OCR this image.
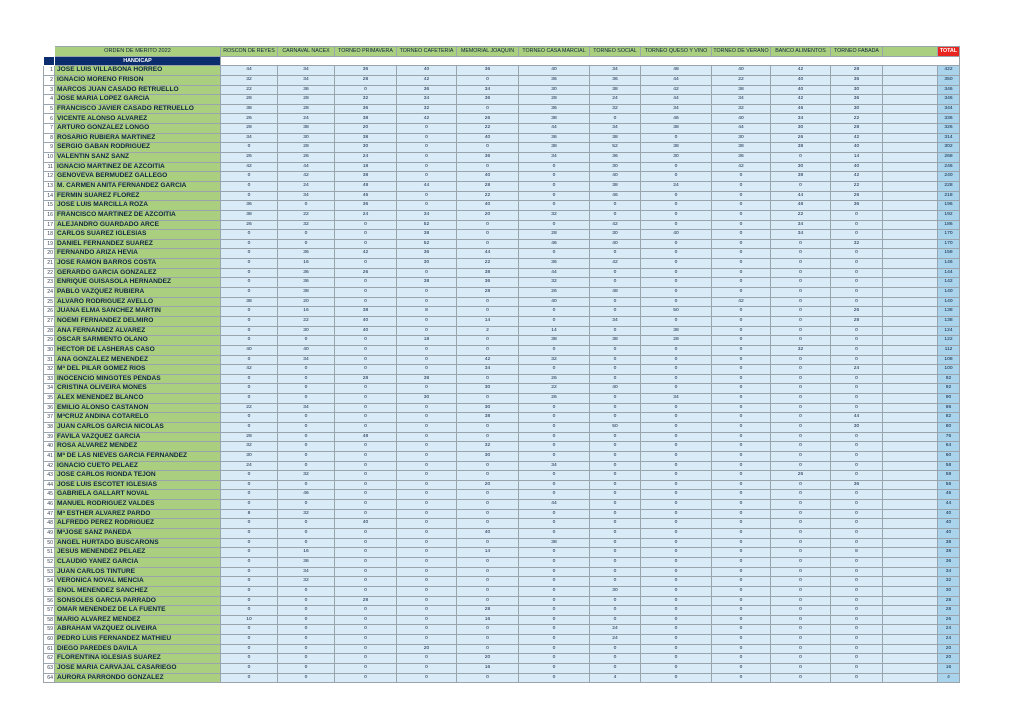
	ORDEN DE MERITO 2022	ROSCON DE REYES	CARNAVAL NACEX	TORNEO PRIMAVERA	TORNEO CAFETERIA	MEMORIAL JOAQUIN	TORNEO CASA MARCIAL	TORNEO SOCIAL	TORNEO QUESO Y VINO	TORNEO DE VERANO	BANCO ALIMENTOS	TORNEO FABADA		TOTAL
	HANDICAP													
1	JOSE LUIS VILLABONA HORREO	44	34	36	40	36	40	34	48	40	42	28		422
2	IGNACIO MORENO FRISON	32	34	28	42	0	36	36	44	22	40	36		350
3	MARCOS JUAN CASADO RETRUELLO	22	36	0	36	34	30	38	42	38	40	30		346
4	JOSE MARIA LOPEZ GARCIA	28	28	32	34	36	28	24	44	34	42	36		346
5	FRANCISCO JAVIER CASADO RETRUELLO	38	28	36	32	0	36	32	34	32	46	30		344
6	VICENTE ALONSO ALVAREZ	26	24	38	42	26	38	0	46	40	34	22		336
7	ARTURO GONZALEZ LONGO	28	38	20	0	22	44	34	38	44	30	28		326
8	ROSARIO RUBIERA MARTINEZ	34	30	38	0	40	36	38	0	30	26	42		314
9	SERGIO GABAN RODRIGUEZ	0	28	30	0	0	38	52	38	38	38	40		302
10	VALENTIN SANZ SANZ	26	26	24	0	36	34	36	30	36	0	14		268
11	IGNACIO MARTINEZ DE AZCOITIA	42	44	18	0	0	0	30	0	42	30	40		246
12	GENOVEVA BERMUDEZ GALLEGO	0	42	38	0	40	0	40	0	0	38	42		240
13	M. CARMEN ANITA FERNANDEZ GARCIA	0	24	48	44	28	0	38	24	0	0	22		228
14	FERMIN SUAREZ FLOREZ	0	34	46	0	22	0	46	0	0	44	26		218
15	JOSE LUIS MARCILLA ROZA	36	0	36	0	40	0	0	0	0	48	36		196
16	FRANCISCO MARTINEZ DE AZCOITIA	38	22	24	34	20	32	0	0	0	22	0		192
17	ALEJANDRO GUARDADO ARCE	26	32	0	52	0	0	42	0	0	34	0		186
18	CARLOS SUAREZ IGLESIAS	0	0	0	38	0	28	30	40	0	34	0		170
19	DANIEL FERNANDEZ SUAREZ	0	0	0	52	0	46	40	0	0	0	32		170
20	FERNANDO ARIZA HEVIA	0	36	42	36	44	0	0	0	0	0	0		158
21	JOSE RAMON BARROS COSTA	0	16	0	30	22	36	42	0	0	0	0		146
22	GERARDO GARCIA GONZALEZ	0	36	26	0	38	44	0	0	0	0	0		144
23	ENRIQUE GUISASOLA HERNANDEZ	0	36	0	38	36	32	0	0	0	0	0		142
24	PABLO VAZQUEZ RUBIERA	0	38	0	0	28	26	48	0	0	0	0		140
25	ALVARO RODRIGUEZ AVELLO	38	20	0	0	0	40	0	0	42	0	0		140
26	JUANA ELMA SANCHEZ MARTIN	0	16	38	8	0	0	0	50	0	0	26		138
27	NOEMI FERNANDEZ DELMIRO	0	22	40	0	14	0	34	0	0	0	28		138
28	ANA FERNANDEZ ALVAREZ	0	30	40	0	2	14	0	38	0	0	0		124
29	OSCAR SARMIENTO OLANO	0	0	0	18	0	38	38	28	0	0	0		122
30	HECTOR DE LASHERAS CASO	40	40	0	0	0	0	0	0	0	32	0		112
31	ANA GONZALEZ MENENDEZ	0	34	0	0	42	32	0	0	0	0	0		108
32	Mª DEL PILAR GOMEZ RIOS	42	0	0	0	34	0	0	0	0	0	24		100
33	INOCENCIO MINGOTES PENDAS	0	0	28	38	0	26	0	0	0	0	0		92
34	CRISTINA OLIVEIRA MONES	0	0	0	0	30	22	40	0	0	0	0		92
35	ALEX MENENDEZ BLANCO	0	0	0	30	0	26	0	34	0	0	0		90
36	EMILIO ALONSO CASTAÑON	22	34	0	0	30	0	0	0	0	0	0		86
37	MªCRUZ ANDINA COTARELO	0	0	0	0	38	0	0	0	0	0	44		82
38	JUAN CARLOS GARCIA NICOLAS	0	0	0	0	0	0	50	0	0	0	30		80
39	FAVILA VAZQUEZ GARCIA	28	0	48	0	0	0	0	0	0	0	0		76
40	ROSA ALVAREZ MENDEZ	32	0	0	0	32	0	0	0	0	0	0		64
41	Mª DE LAS NIEVES GARCIA FERNANDEZ	30	0	0	0	30	0	0	0	0	0	0		60
42	IGNACIO CUETO PELAEZ	24	0	0	0	0	34	0	0	0	0	0		58
43	JOSE CARLOS RIONDA TEJON	0	32	0	0	0	0	0	0	0	26	0		58
44	JOSE LUIS ESCOTET IGLESIAS	0	0	0	0	20	0	0	0	0	0	36		56
45	GABRIELA GALLART NOVAL	0	46	0	0	0	0	0	0	0	0	0		46
46	MANUEL RODRIGUEZ VALDES	0	0	0	0	0	44	0	0	0	0	0		44
47	Mª ESTHER ALVAREZ PARDO	8	32	0	0	0	0	0	0	0	0	0		40
48	ALFREDO PEREZ RODRIGUEZ	0	0	40	0	0	0	0	0	0	0	0		40
49	MªJOSE SANZ PAÑEDA	0	0	0	0	40	0	0	0	0	0	0		40
50	ANGEL HURTADO BUSCARONS	0	0	0	0	0	38	0	0	0	0	0		38
51	JESUS MENENDEZ PELAEZ	0	16	0	0	14	0	0	0	0	0	8		38
52	CLAUDIO YAÑEZ GARCIA	0	36	0	0	0	0	0	0	0	0	0		36
53	JUAN CARLOS TINTURE	0	34	0	0	0	0	0	0	0	0	0		34
54	VERONICA NOVAL MENCIA	0	32	0	0	0	0	0	0	0	0	0		32
55	ENOL MENENDEZ SANCHEZ	0	0	0	0	0	0	30	0	0	0	0		30
56	SONSOLES GARCIA PARRADO	0	0	28	0	0	0	0	0	0	0	0		28
57	OMAR MENENDEZ DE LA FUENTE	0	0	0	0	28	0	0	0	0	0	0		28
58	MARIO ALVAREZ MENDEZ	10	0	0	0	16	0	0	0	0	0	0		26
59	ABRAHAM VAZQUEZ OLIVEIRA	0	0	0	0	0	0	24	0	0	0	0		24
60	PEDRO LUIS FERNANDEZ MATHIEU	0	0	0	0	0	0	24	0	0	0	0		24
61	DIEGO PAREDES DAVILA	0	0	0	20	0	0	0	0	0	0	0		20
62	FLORENTINA IGLESIAS SUAREZ	0	0	0	0	20	0	0	0	0	0	0		20
63	JOSE MARIA CARVAJAL CASARIEGO	0	0	0	0	16	0	0	0	0	0	0		16
64	AURORA PARRONDO GONZALEZ	0	0	0	0	0	0	4	0	0	0	0		4
